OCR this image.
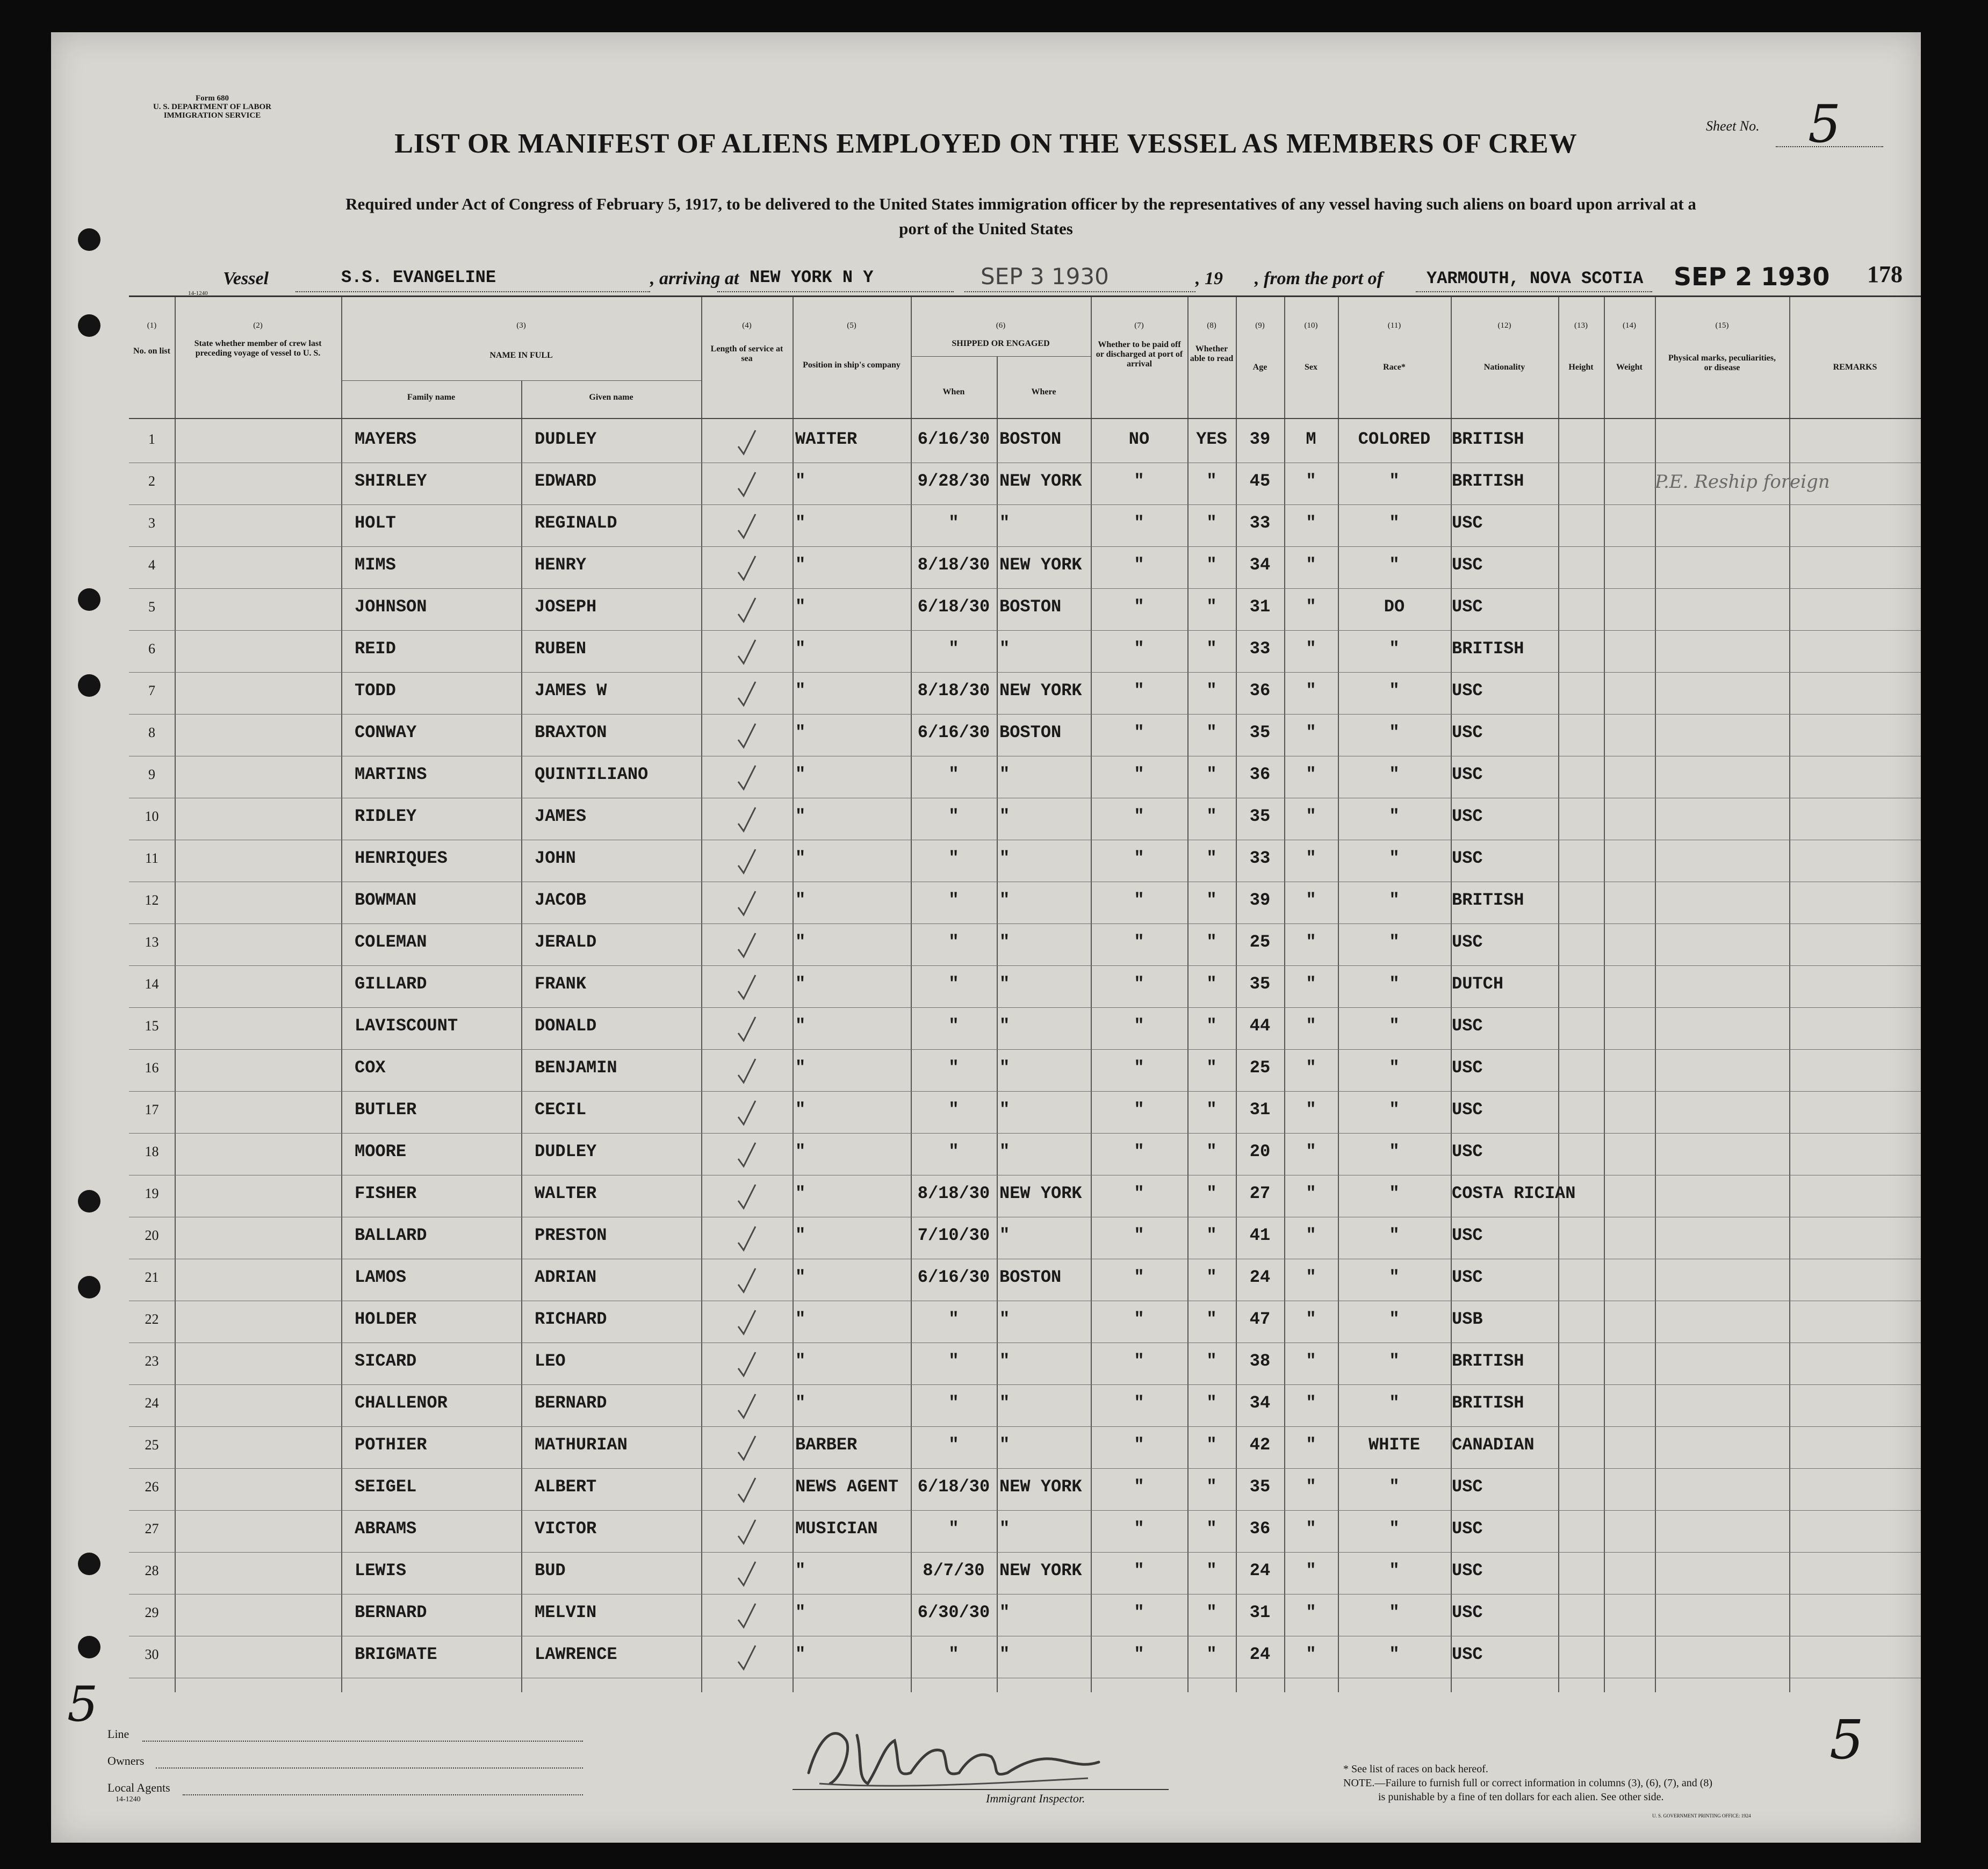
Form 680
U. S. DEPARTMENT OF LABOR
IMMIGRATION SERVICE
LIST OR MANIFEST OF ALIENS EMPLOYED ON THE VESSEL AS MEMBERS OF CREW
Required under Act of Congress of February 5, 1917, to be delivered to the United States immigration officer by the representatives of any vessel having such aliens on board upon arrival at a
port of the United States
Sheet No. 5
Vessel	S.S. EVANGELINE	, arriving at NEW YORK N Y	SEP 3 1930	, 19 , from the port of	YARMOUTH, NOVA SCOTIA SEP 2 1930 178
(1)
No. on list
(2)
State whether member of crew last preceding voyage of vessel to U. S.
(3)
NAME IN FULL
Family name	Given name
(4)
Length of service at sea
(5)
Position in ship's company
(6)
SHIPPED OR ENGAGED
When	Where
(7)
Whether to be paid off or discharged at port of arrival
(8)
Whether able to read
(9)
Age
(10)
Sex
(11)
Race*
(12)
Nationality
(13)
Height
(14)
Weight
(15)
Physical marks, peculiarities, or disease	REMARKS
1	MAYERS	DUDLEY	WAITER	6/16/30 BOSTON	NO	YES	39	M	COLORED	BRITISH
2	SHIRLEY	EDWARD	"	9/28/30 NEW YORK	"	"	45	"	"	BRITISH	P.E. Reship foreign
3	HOLT	REGINALD	"	"	"	"	"	33	"	"	USC
4	MIMS	HENRY	"	8/18/30 NEW YORK	"	"	34	"	"	USC
5	JOHNSON	JOSEPH	"	6/18/30 BOSTON	"	"	31	"	DO	USC
6	REID	RUBEN	"	"	"	"	"	33	"	"	BRITISH
7	TODD	JAMES W	"	8/18/30 NEW YORK	"	"	36	"	"	USC
8	CONWAY	BRAXTON	"	6/16/30 BOSTON	"	"	35	"	"	USC
9	MARTINS	QUINTILIANO	"	"	"	"	"	36	"	"	USC
10	RIDLEY	JAMES	"	"	"	"	"	35	"	"	USC
11	HENRIQUES	JOHN	"	"	"	"	"	33	"	"	USC
12	BOWMAN	JACOB	"	"	"	"	"	39	"	"	BRITISH
13	COLEMAN	JERALD	"	"	"	"	"	25	"	"	USC
14	GILLARD	FRANK	"	"	"	"	"	35	"	"	DUTCH
15	LAVISCOUNT	DONALD	"	"	"	"	"	44	"	"	USC
16	COX	BENJAMIN	"	"	"	"	"	25	"	"	USC
17	BUTLER	CECIL	"	"	"	"	"	31	"	"	USC
18	MOORE	DUDLEY	"	"	"	"	"	20	"	"	USC
19	FISHER	WALTER	"	8/18/30 NEW YORK	"	"	27	"	"	COSTA RICIAN
20	BALLARD	PRESTON	"	7/10/30 "	"	"	41	"	"	USC
21	LAMOS	ADRIAN	"	6/16/30 BOSTON	"	"	24	"	"	USC
22	HOLDER	RICHARD	"	"	"	"	"	47	"	"	USB
23	SICARD	LEO	"	"	"	"	"	38	"	"	BRITISH
24	CHALLENOR	BERNARD	"	"	"	"	"	34	"	"	BRITISH
25	POTHIER	MATHURIAN	BARBER	"	"	"	"	42	"	WHITE	CANADIAN
26	SEIGEL	ALBERT	NEWS AGENT	6/18/30 NEW YORK	"	"	35	"	"	USC
27	ABRAMS	VICTOR	MUSICIAN	"	"	"	"	36	"	"	USC
28	LEWIS	BUD	"	8/7/30 NEW YORK	"	"	24	"	"	USC
29	BERNARD	MELVIN	"	6/30/30 "	"	"	31	"	"	USC
30	BRIGMATE	LAWRENCE	"	"	"	"	"	24	"	"	USC
5
5
Line
Owners
Local Agents
14-1240	Immigrant Inspector.
* See list of races on back hereof.
NOTE.—Failure to furnish full or correct information in columns (3), (6), (7), and (8)
is punishable by a fine of ten dollars for each alien. See other side.
U. S. GOVERNMENT PRINTING OFFICE: 1924
14-1240
